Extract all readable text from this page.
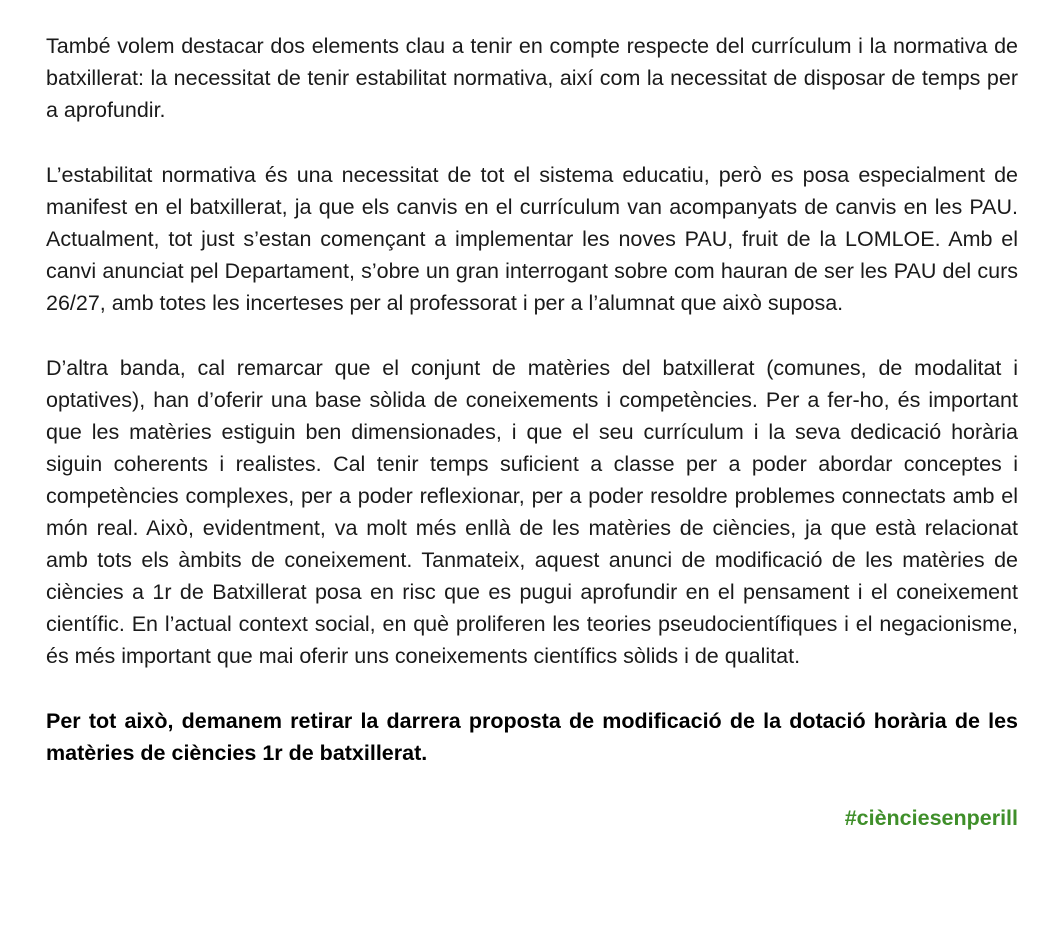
També volem destacar dos elements clau a tenir en compte respecte del currículum i la normativa de batxillerat: la necessitat de tenir estabilitat normativa, així com la necessitat de disposar de temps per a aprofundir.

L’estabilitat normativa és una necessitat de tot el sistema educatiu, però es posa especialment de manifest en el batxillerat, ja que els canvis en el currículum van acompanyats de canvis en les PAU. Actualment, tot just s’estan començant a implementar les noves PAU, fruit de la LOMLOE. Amb el canvi anunciat pel Departament, s’obre un gran interrogant sobre com hauran de ser les PAU del curs 26/27, amb totes les incerteses per al professorat i per a l’alumnat que això suposa.

D’altra banda, cal remarcar que el conjunt de matèries del batxillerat (comunes, de modalitat i optatives), han d’oferir una base sòlida de coneixements i competències. Per a fer-ho, és important que les matèries estiguin ben dimensionades, i que el seu currículum i la seva dedicació horària siguin coherents i realistes. Cal tenir temps suficient a classe per a poder abordar conceptes i competències complexes, per a poder reflexionar, per a poder resoldre problemes connectats amb el món real. Això, evidentment, va molt més enllà de les matèries de ciències, ja que està relacionat amb tots els àmbits de coneixement. Tanmateix, aquest anunci de modificació de les matèries de ciències a 1r de Batxillerat posa en risc que es pugui aprofundir en el pensament i el coneixement científic. En l’actual context social, en què proliferen les teories pseudocientífiques i el negacionisme, és més important que mai oferir uns coneixements científics sòlids i de qualitat.

Per tot això, demanem retirar la darrera proposta de modificació de la dotació horària de les matèries de ciències 1r de batxillerat.

#ciènciesenperill
